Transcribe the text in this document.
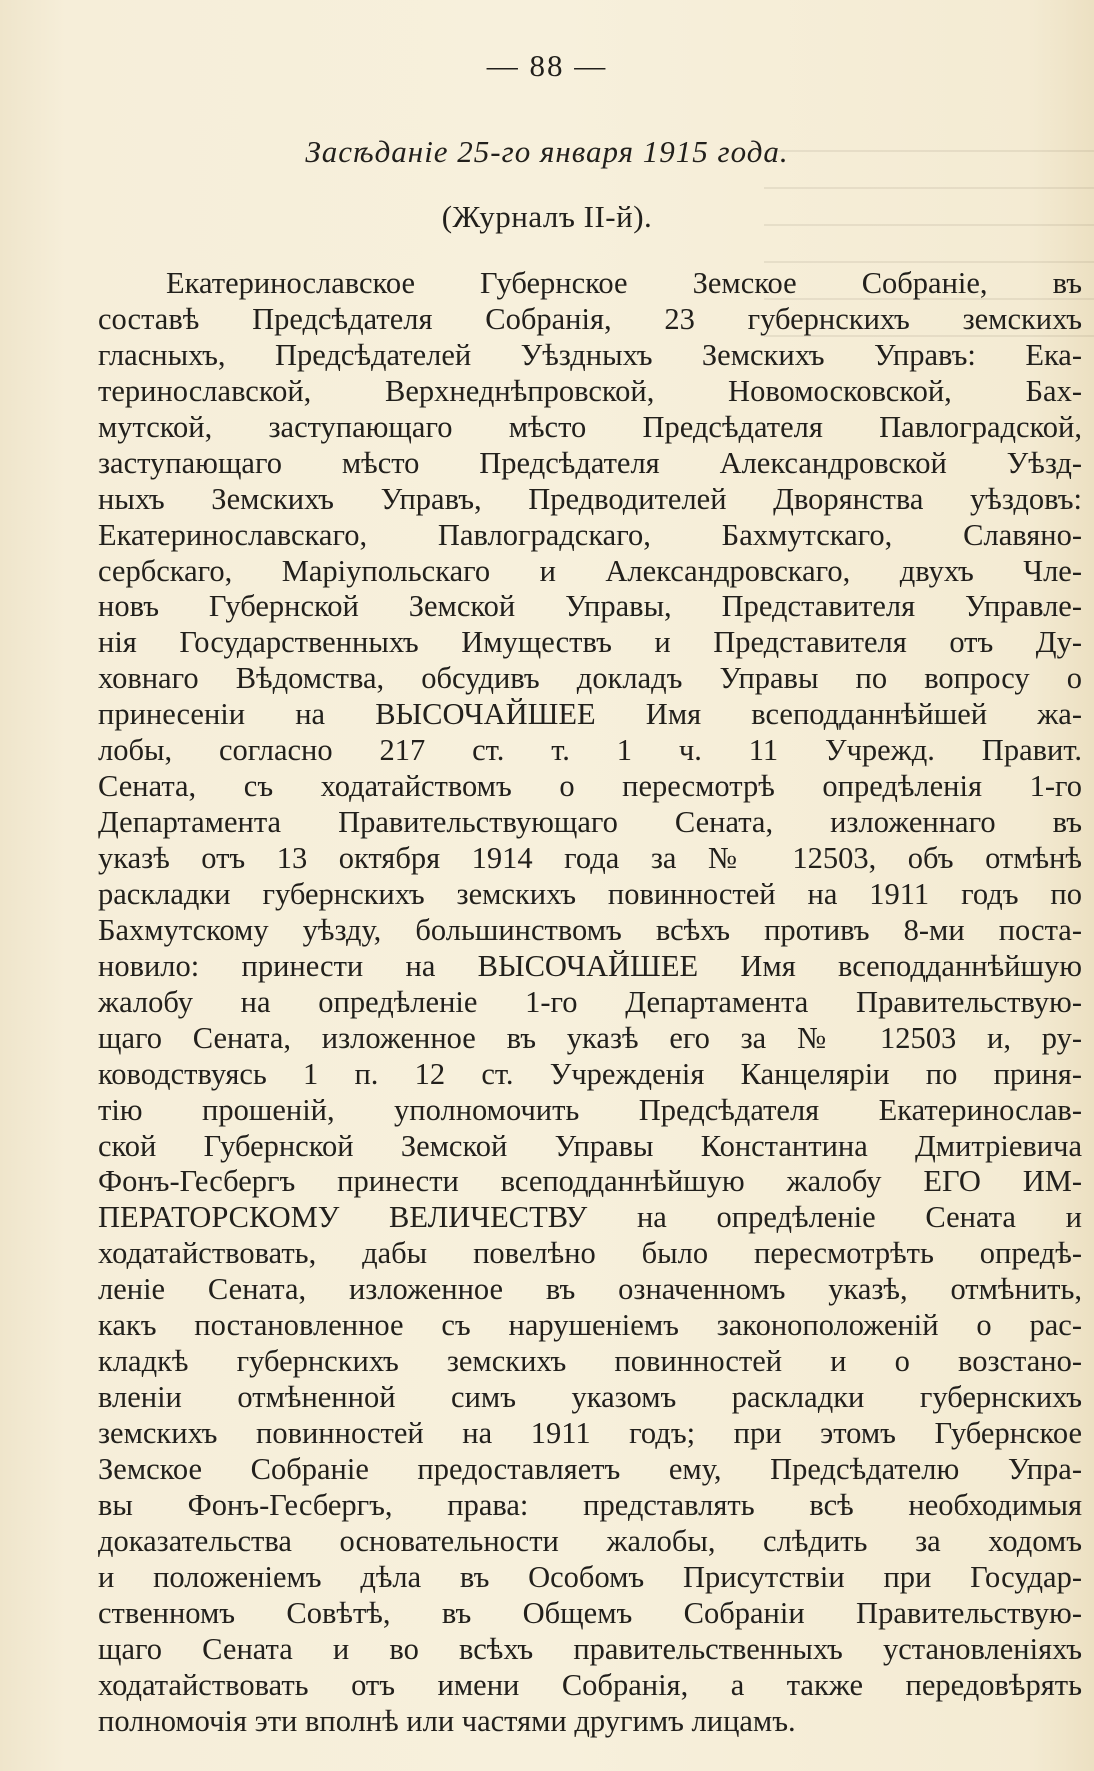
— 88 —
Засѣданіе 25-го января 1915 года.
(Журналъ II-й).
Екатеринославское Губернское Земское Собраніе, въ
составѣ Предсѣдателя Собранія, 23 губернскихъ земскихъ
гласныхъ, Предсѣдателей Уѣздныхъ Земскихъ Управъ: Ека-
теринославской, Верхнеднѣпровской, Новомосковской, Бах-
мутской, заступающаго мѣсто Предсѣдателя Павлоградской,
заступающаго мѣсто Предсѣдателя Александровской Уѣзд-
ныхъ Земскихъ Управъ, Предводителей Дворянства уѣздовъ:
Екатеринославскаго, Павлоградскаго, Бахмутскаго, Славяно-
сербскаго, Маріупольскаго и Александровскаго, двухъ Чле-
новъ Губернской Земской Управы, Представителя Управле-
нія Государственныхъ Имуществъ и Представителя отъ Ду-
ховнаго Вѣдомства, обсудивъ докладъ Управы по вопросу о
принесеніи на ВЫСОЧАЙШЕЕ Имя всеподданнѣйшей жа-
лобы, согласно 217 ст. т. 1 ч. 11 Учрежд. Правит.
Сената, съ ходатайствомъ о пересмотрѣ опредѣленія 1-го
Департамента Правительствующаго Сената, изложеннаго въ
указѣ отъ 13 октября 1914 года за № 12503, объ отмѣнѣ
раскладки губернскихъ земскихъ повинностей на 1911 годъ по
Бахмутскому уѣзду, большинствомъ всѣхъ противъ 8-ми поста-
новило: принести на ВЫСОЧАЙШЕЕ Имя всеподданнѣйшую
жалобу на опредѣленіе 1-го Департамента Правительствую-
щаго Сената, изложенное въ указѣ его за № 12503 и, ру-
ководствуясь 1 п. 12 ст. Учрежденія Канцеляріи по приня-
тію прошеній, уполномочить Предсѣдателя Екатеринослав-
ской Губернской Земской Управы Константина Дмитріевича
Фонъ-Гесбергъ принести всеподданнѣйшую жалобу ЕГО ИМ-
ПЕРАТОРСКОМУ ВЕЛИЧЕСТВУ на опредѣленіе Сената и
ходатайствовать, дабы повелѣно было пересмотрѣть опредѣ-
леніе Сената, изложенное въ означенномъ указѣ, отмѣнить,
какъ постановленное съ нарушеніемъ законоположеній о рас-
кладкѣ губернскихъ земскихъ повинностей и о возстано-
вленіи отмѣненной симъ указомъ раскладки губернскихъ
земскихъ повинностей на 1911 годъ; при этомъ Губернское
Земское Собраніе предоставляетъ ему, Предсѣдателю Упра-
вы Фонъ-Гесбергъ, права: представлять всѣ необходимыя
доказательства основательности жалобы, слѣдить за ходомъ
и положеніемъ дѣла въ Особомъ Присутствіи при Государ-
ственномъ Совѣтѣ, въ Общемъ Собраніи Правительствую-
щаго Сената и во всѣхъ правительственныхъ установленіяхъ
ходатайствовать отъ имени Собранія, а также передовѣрять
полномочія эти вполнѣ или частями другимъ лицамъ.
